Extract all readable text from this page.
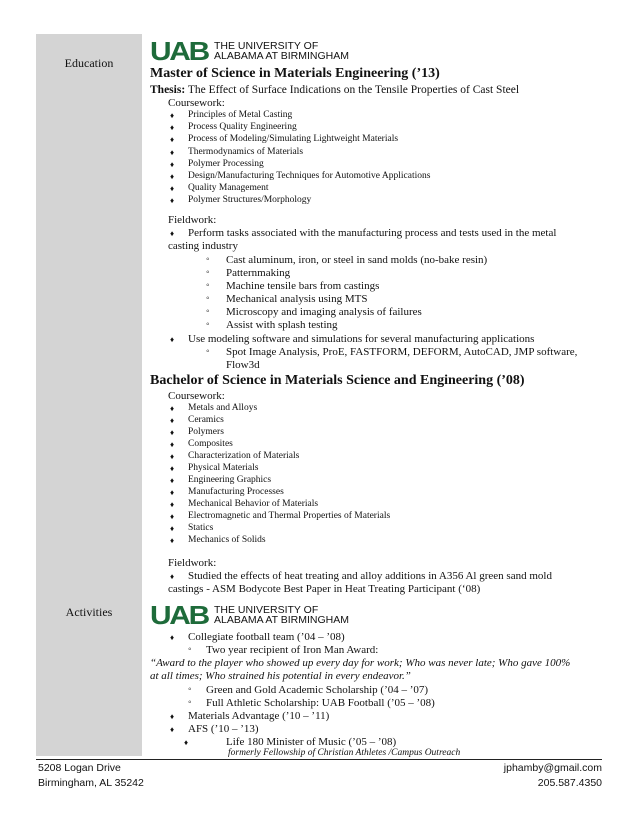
Education
Activities
UAB THE UNIVERSITY OF
ALABAMA AT BIRMINGHAM
Master of Science in Materials Engineering (’13)
Thesis: The Effect of Surface Indications on the Tensile Properties of Cast Steel
Coursework:
♦ Principles of Metal Casting
♦ Process Quality Engineering
♦ Process of Modeling/Simulating Lightweight Materials
♦ Thermodynamics of Materials
♦ Polymer Processing
♦ Design/Manufacturing Techniques for Automotive Applications
♦ Quality Management
♦ Polymer Structures/Morphology
Fieldwork:
♦ Perform tasks associated with the manufacturing process and tests used in the metal
casting industry
◦ Cast aluminum, iron, or steel in sand molds (no-bake resin)
◦ Patternmaking
◦ Machine tensile bars from castings
◦ Mechanical analysis using MTS
◦ Microscopy and imaging analysis of failures
◦ Assist with splash testing
♦ Use modeling software and simulations for several manufacturing applications
◦ Spot Image Analysis, ProE, FASTFORM, DEFORM, AutoCAD, JMP software,
Flow3d
Bachelor of Science in Materials Science and Engineering (’08)
Coursework:
♦ Metals and Alloys
♦ Ceramics
♦ Polymers
♦ Composites
♦ Characterization of Materials
♦ Physical Materials
♦ Engineering Graphics
♦ Manufacturing Processes
♦ Mechanical Behavior of Materials
♦ Electromagnetic and Thermal Properties of Materials
♦ Statics
♦ Mechanics of Solids
Fieldwork:
♦ Studied the effects of heat treating and alloy additions in A356 Al green sand mold
castings - ASM Bodycote Best Paper in Heat Treating Participant (‘08)
UAB THE UNIVERSITY OF
ALABAMA AT BIRMINGHAM
♦ Collegiate football team (’04 – ’08)
◦ Two year recipient of Iron Man Award:
“Award to the player who showed up every day for work; Who was never late; Who gave 100%
at all times; Who strained his potential in every endeavor.”
◦ Green and Gold Academic Scholarship (’04 – ’07)
◦ Full Athletic Scholarship: UAB Football (’05 – ’08)
♦ Materials Advantage (’10 – ’11)
♦ AFS (’10 – ’13)
♦	Life 180 Minister of Music (’05 – ’08)
formerly Fellowship of Christian Athletes /Campus Outreach
5208 Logan Drive
Birmingham, AL 35242
jphamby@gmail.com
205.587.4350
